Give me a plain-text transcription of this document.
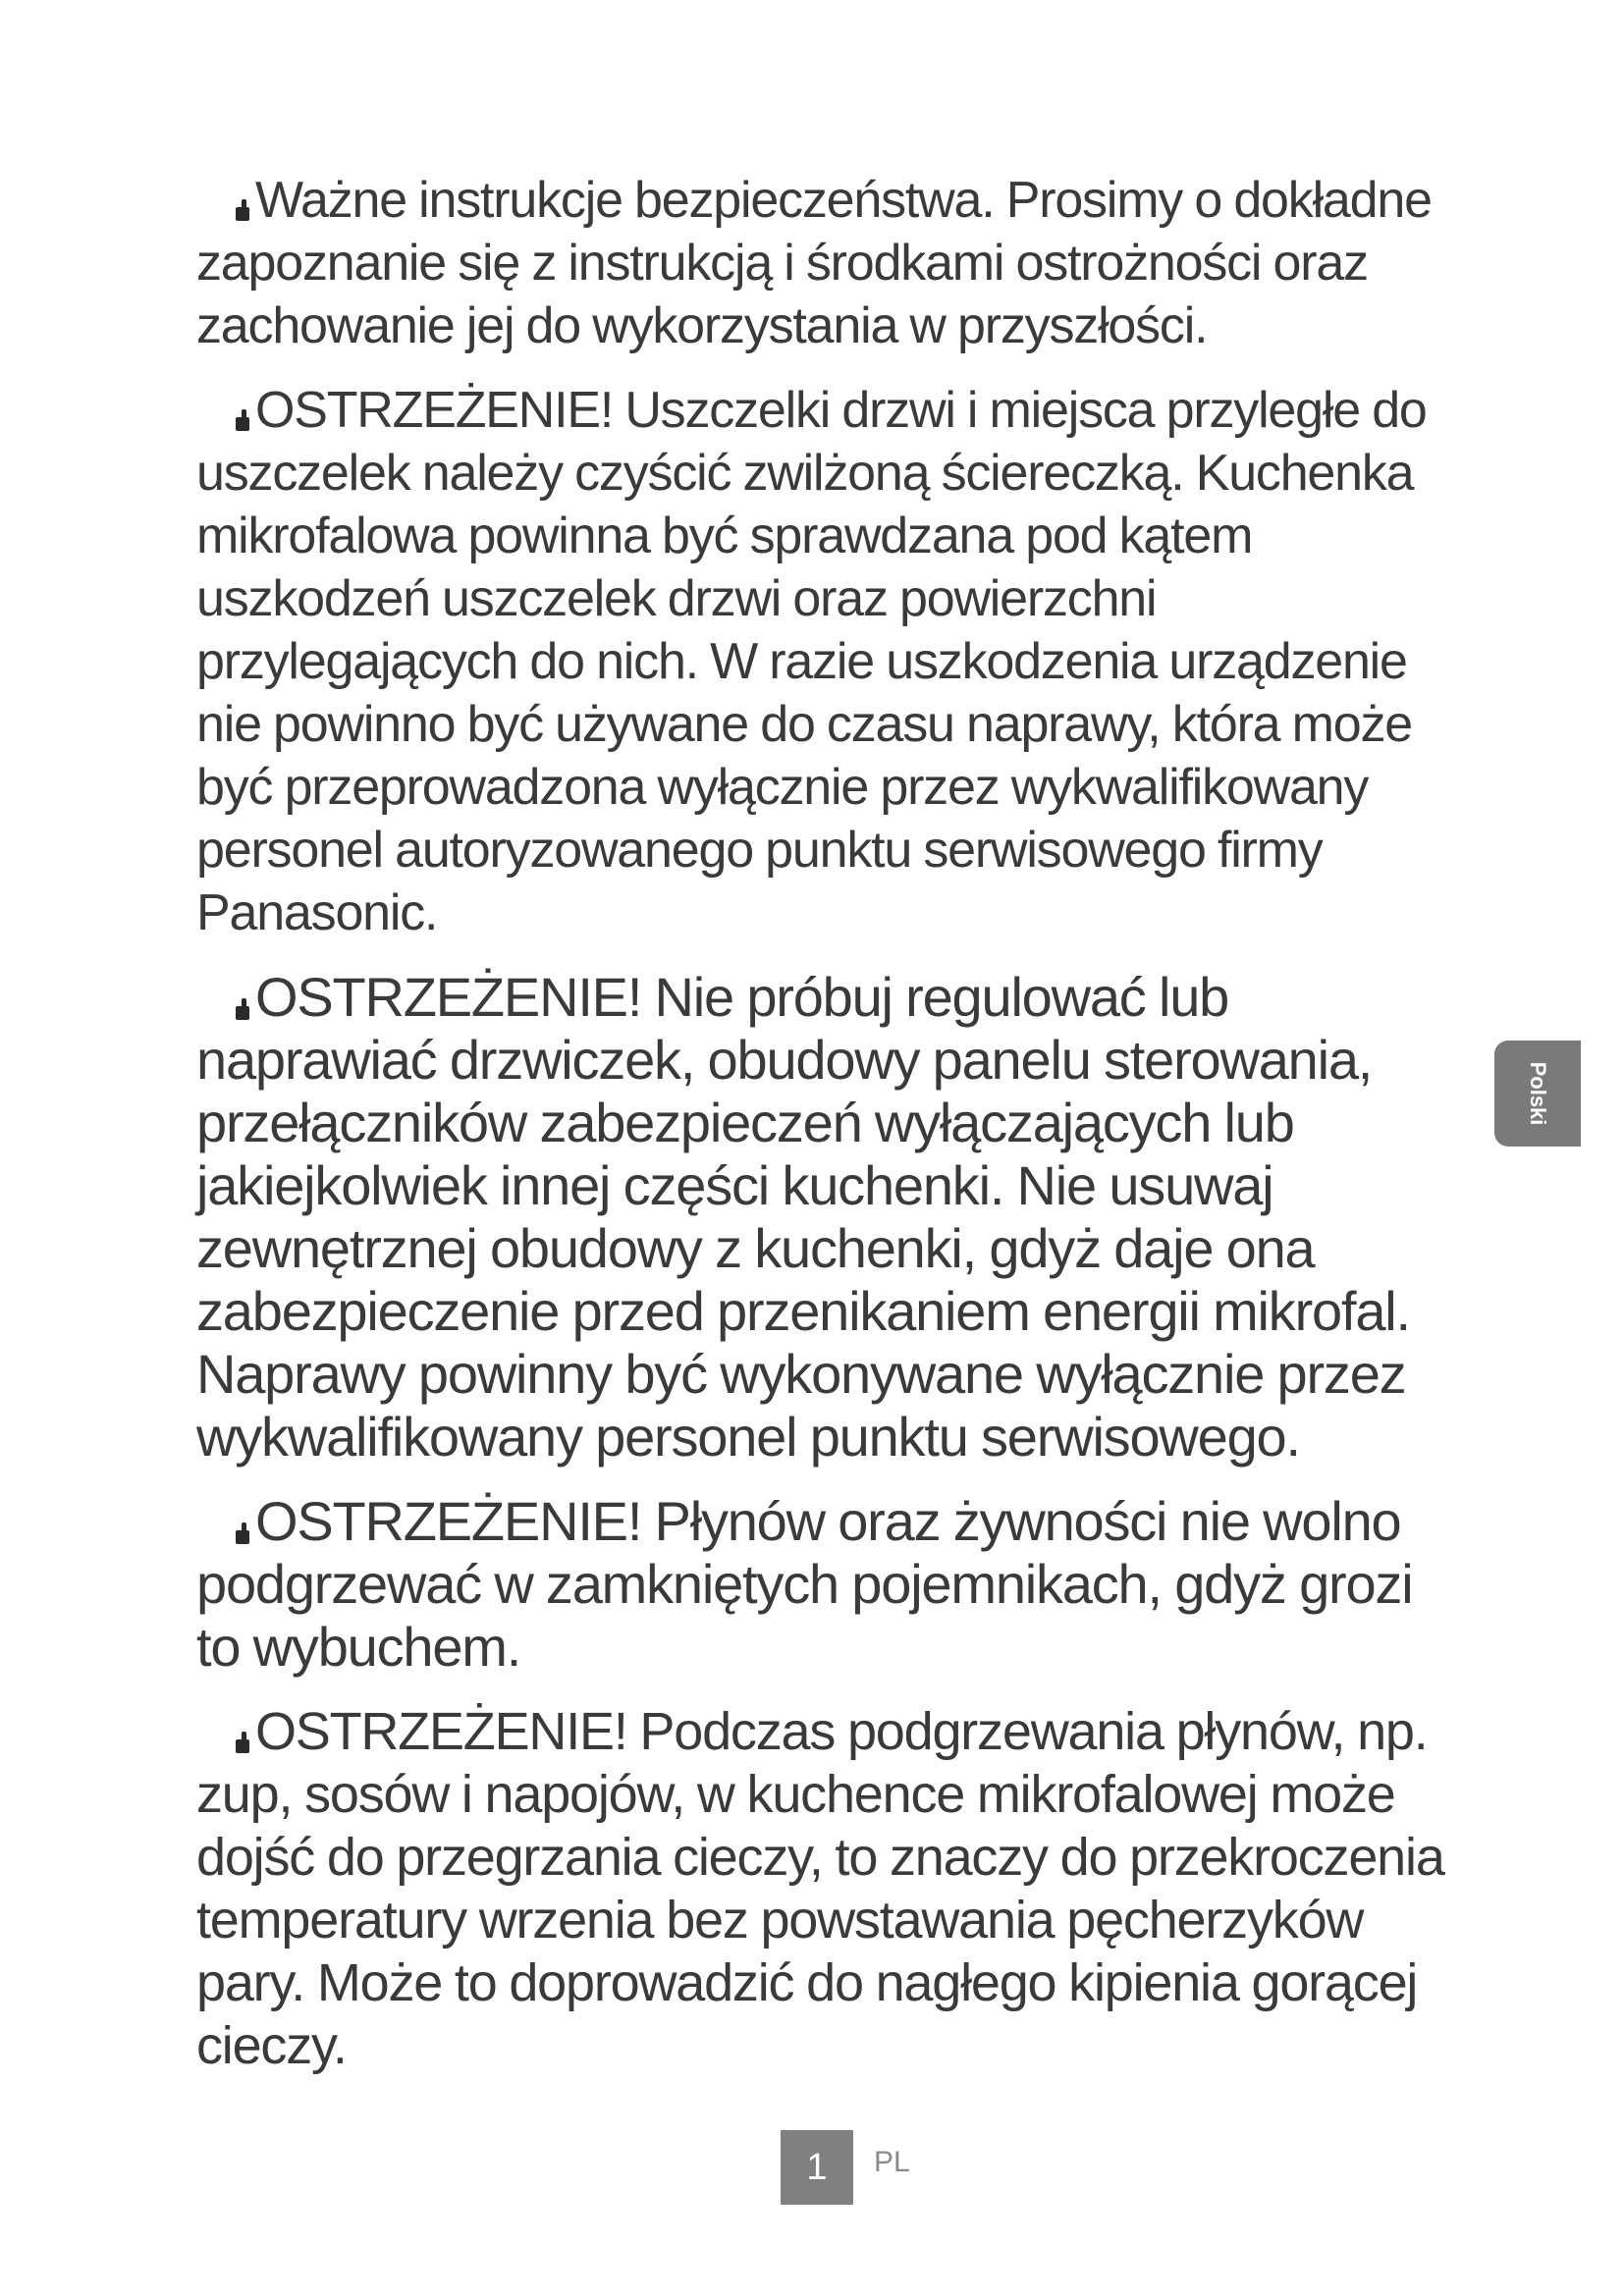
Ważne instrukcje bezpieczeństwa. Prosimy o dokładne zapoznanie się z instrukcją i środkami ostrożności oraz zachowanie jej do wykorzystania w przyszłości.

OSTRZEŻENIE! Uszczelki drzwi i miejsca przyległe do uszczelek należy czyścić zwilżoną ściereczką. Kuchenka mikrofalowa powinna być sprawdzana pod kątem uszkodzeń uszczelek drzwi oraz powierzchni przylegających do nich. W razie uszkodzenia urządzenie nie powinno być używane do czasu naprawy, która może być przeprowadzona wyłącznie przez wykwalifikowany personel autoryzowanego punktu serwisowego firmy Panasonic.

OSTRZEŻENIE! Nie próbuj regulować lub naprawiać drzwiczek, obudowy panelu sterowania, przełączników zabezpieczeń wyłączających lub jakiejkolwiek innej części kuchenki. Nie usuwaj zewnętrznej obudowy z kuchenki, gdyż daje ona zabezpieczenie przed przenikaniem energii mikrofal. Naprawy powinny być wykonywane wyłącznie przez wykwalifikowany personel punktu serwisowego.

OSTRZEŻENIE! Płynów oraz żywności nie wolno podgrzewać w zamkniętych pojemnikach, gdyż grozi to wybuchem.

OSTRZEŻENIE! Podczas podgrzewania płynów, np. zup, sosów i napojów, w kuchence mikrofalowej może dojść do przegrzania cieczy, to znaczy do przekroczenia temperatury wrzenia bez powstawania pęcherzyków pary. Może to doprowadzić do nagłego kipienia gorącej cieczy.

Polski
1	PL
